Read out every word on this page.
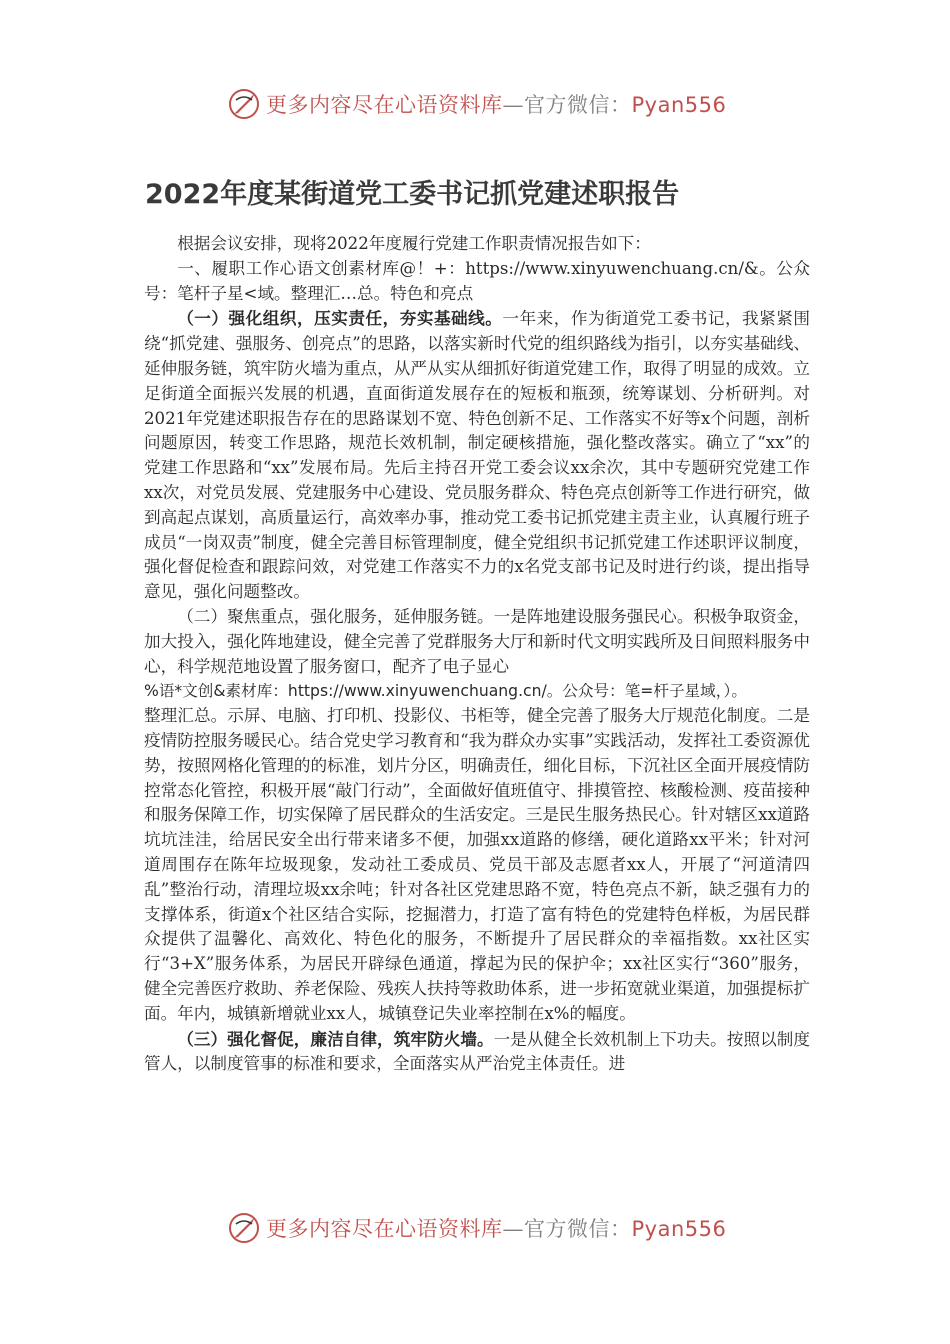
更多内容尽在心语资料库—官方微信：Pyan556
2022年度某街道党工委书记抓党建述职报告

根据会议安排，现将2022年度履行党建工作职责情况报告如下：

一、履职工作心语文创素材库@！+：https://www.xinyuwenchuang.cn/&。公众号：笔杆子星<域。整理汇…总。特色和亮点

（一）强化组织，压实责任，夯实基础线。一年来，作为街道党工委书记，我紧紧围绕“抓党建、强服务、创亮点”的思路，以落实新时代党的组织路线为指引，以夯实基础线、延伸服务链，筑牢防火墙为重点，从严从实从细抓好街道党建工作，取得了明显的成效。立足街道全面振兴发展的机遇，直面街道发展存在的短板和瓶颈，统筹谋划、分析研判。对2021年党建述职报告存在的思路谋划不宽、特色创新不足、工作落实不好等x个问题，剖析问题原因，转变工作思路，规范长效机制，制定硬核措施，强化整改落实。确立了“xx”的党建工作思路和“xx”发展布局。先后主持召开党工委会议xx余次，其中专题研究党建工作xx次，对党员发展、党建服务中心建设、党员服务群众、特色亮点创新等工作进行研究，做到高起点谋划，高质量运行，高效率办事，推动党工委书记抓党建主责主业，认真履行班子成员“一岗双责”制度，健全完善目标管理制度，健全党组织书记抓党建工作述职评议制度，强化督促检查和跟踪问效，对党建工作落实不力的x名党支部书记及时进行约谈，提出指导意见，强化问题整改。

（二）聚焦重点，强化服务，延伸服务链。一是阵地建设服务强民心。积极争取资金，加大投入，强化阵地建设，健全完善了党群服务大厅和新时代文明实践所及日间照料服务中心，科学规范地设置了服务窗口，配齐了电子显心

%语*文创&素材库：https://www.xinyuwenchuang.cn/。公众号：笔=杆子星域，）。

整理汇总。示屏、电脑、打印机、投影仪、书柜等，健全完善了服务大厅规范化制度。二是疫情防控服务暖民心。结合党史学习教育和“我为群众办实事”实践活动，发挥社工委资源优势，按照网格化管理的的标准，划片分区，明确责任，细化目标，下沉社区全面开展疫情防控常态化管控，积极开展“敲门行动”，全面做好值班值守、排摸管控、核酸检测、疫苗接种和服务保障工作，切实保障了居民群众的生活安定。三是民生服务热民心。针对辖区xx道路坑坑洼洼，给居民安全出行带来诸多不便，加强xx道路的修缮，硬化道路xx平米；针对河道周围存在陈年垃圾现象，发动社工委成员、党员干部及志愿者xx人，开展了“河道清四乱”整治行动，清理垃圾xx余吨；针对各社区党建思路不宽，特色亮点不新，缺乏强有力的支撑体系，街道x个社区结合实际，挖掘潜力，打造了富有特色的党建特色样板，为居民群众提供了温馨化、高效化、特色化的服务，不断提升了居民群众的幸福指数。xx社区实行“3+X”服务体系，为居民开辟绿色通道，撑起为民的保护伞；xx社区实行“360”服务，健全完善医疗救助、养老保险、残疾人扶持等救助体系，进一步拓宽就业渠道，加强提标扩面。年内，城镇新增就业xx人，城镇登记失业率控制在x%的幅度。

（三）强化督促，廉洁自律，筑牢防火墙。一是从健全长效机制上下功夫。按照以制度管人，以制度管事的标准和要求，全面落实从严治党主体责任。进

更多内容尽在心语资料库—官方微信：Pyan556
